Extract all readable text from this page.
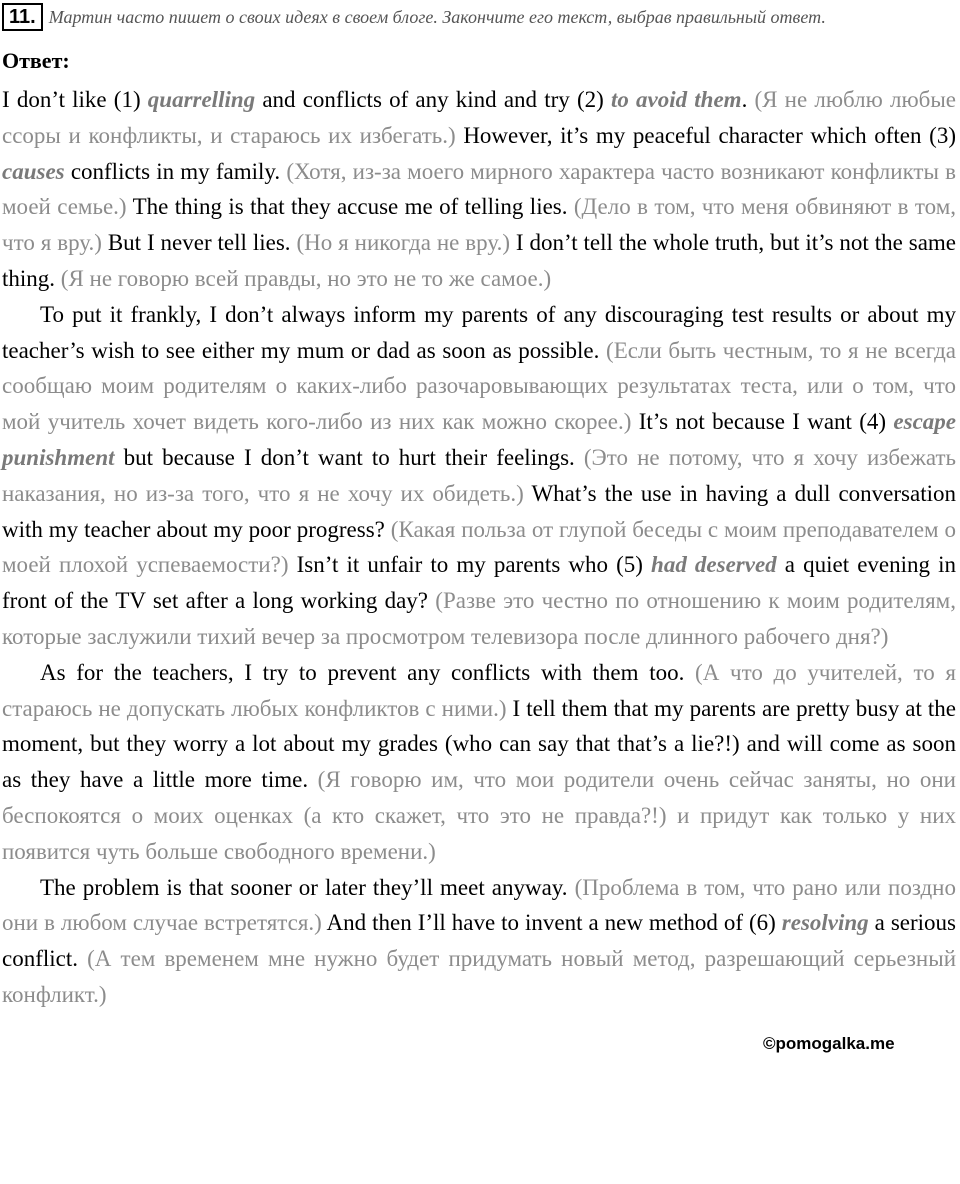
11. Мартин часто пишет о своих идеях в своем блоге. Закончите его текст, выбрав правильный ответ.

Ответ:

I don’t like (1) quarrelling and conflicts of any kind and try (2) to avoid them. (Я не люблю любые ссоры и конфликты, и стараюсь их избегать.) However, it’s my peaceful character which often (3) causes conflicts in my family. (Хотя, из-за моего мирного характера часто возникают конфликты в моей семье.) The thing is that they accuse me of telling lies. (Дело в том, что меня обвиняют в том, что я вру.) But I never tell lies. (Но я никогда не вру.) I don’t tell the whole truth, but it’s not the same thing. (Я не говорю всей правды, но это не то же самое.)

To put it frankly, I don’t always inform my parents of any discouraging test results or about my teacher’s wish to see either my mum or dad as soon as possible. (Если быть честным, то я не всегда сообщаю моим родителям о каких-либо разочаровывающих результатах теста, или о том, что мой учитель хочет видеть кого-либо из них как можно скорее.) It’s not because I want (4) escape punishment but because I don’t want to hurt their feelings. (Это не потому, что я хочу избежать наказания, но из-за того, что я не хочу их обидеть.) What’s the use in having a dull conversation with my teacher about my poor progress? (Какая польза от глупой беседы с моим преподавателем о моей плохой успеваемости?) Isn’t it unfair to my parents who (5) had deserved a quiet evening in front of the TV set after a long working day? (Разве это честно по отношению к моим родителям, которые заслужили тихий вечер за просмотром телевизора после длинного рабочего дня?)

As for the teachers, I try to prevent any conflicts with them too. (А что до учителей, то я стараюсь не допускать любых конфликтов с ними.) I tell them that my parents are pretty busy at the moment, but they worry a lot about my grades (who can say that that’s a lie?!) and will come as soon as they have a little more time. (Я говорю им, что мои родители очень сейчас заняты, но они беспокоятся о моих оценках (а кто скажет, что это не правда?!) и придут как только у них появится чуть больше свободного времени.)

The problem is that sooner or later they’ll meet anyway. (Проблема в том, что рано или поздно они в любом случае встретятся.) And then I’ll have to invent a new method of (6) resolving a serious conflict. (А тем временем мне нужно будет придумать новый метод, разрешающий серьезный конфликт.)

©pomogalka.me
